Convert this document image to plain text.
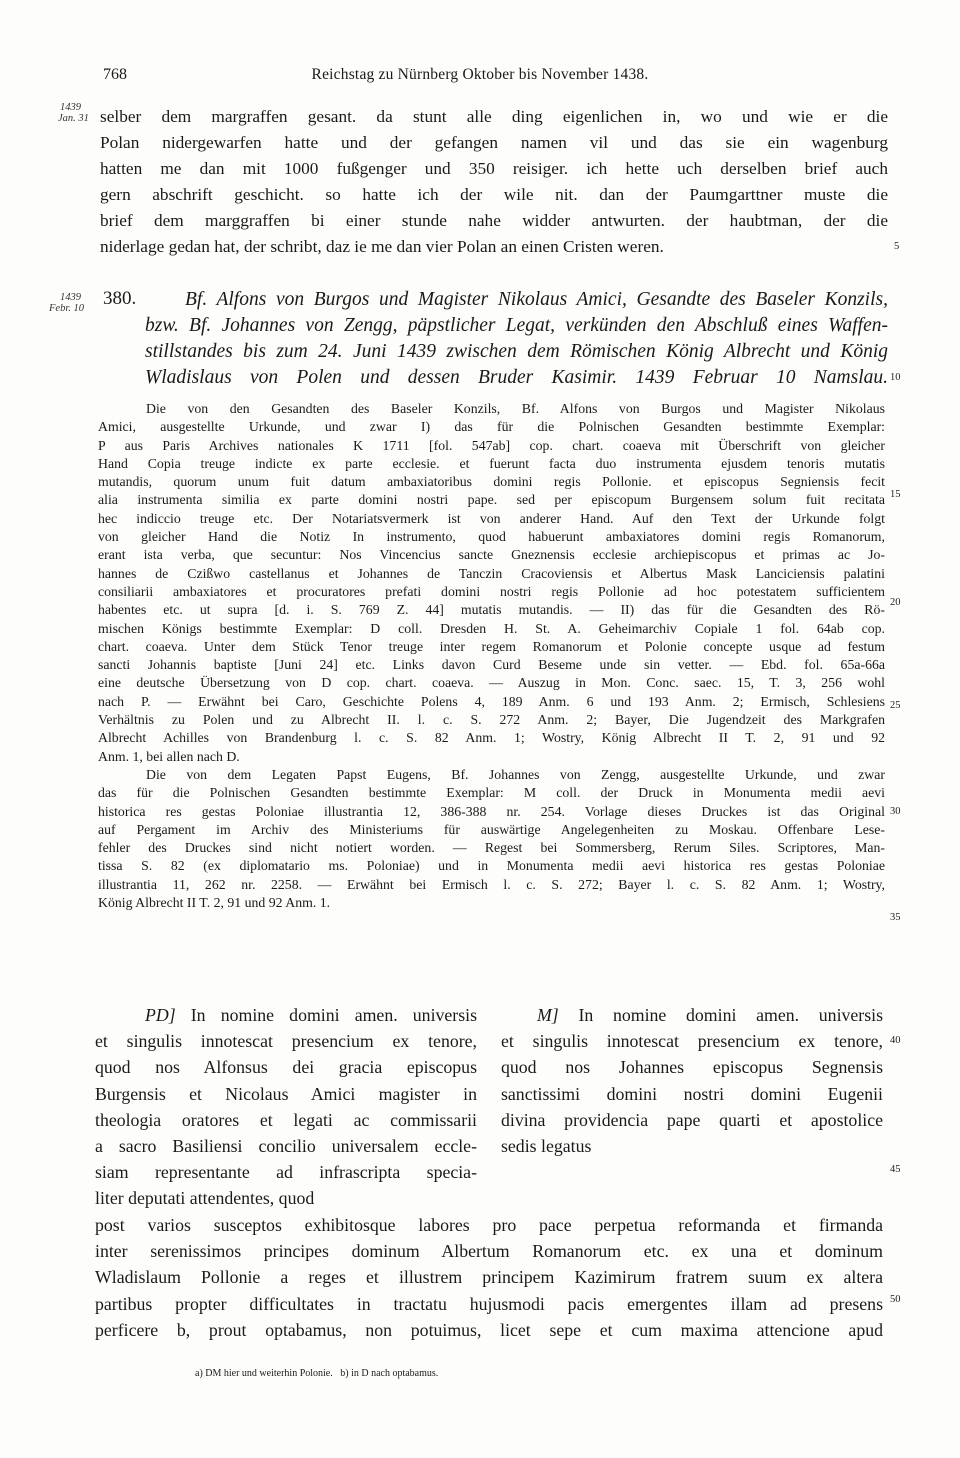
768	Reichstag zu Nürnberg Oktober bis November 1438.
1439
Jan. 31
1439
Febr. 10
5
10
15
20
25
30
35
40
45
50
selber dem margraffen gesant. da stunt alle ding eigenlichen in, wo und wie er die
Polan nidergewarfen hatte und der gefangen namen vil und das sie ein wagenburg
hatten me dan mit 1000 fußgenger und 350 reisiger. ich hette uch derselben brief auch
gern abschrift geschicht. so hatte ich der wile nit. dan der Paumgarttner muste die
brief dem marggraffen bi einer stunde nahe widder antwurten. der haubtman, der die
niderlage gedan hat, der schribt, daz ie me dan vier Polan an einen Cristen weren.
380.	Bf. Alfons von Burgos und Magister Nikolaus Amici, Gesandte des Baseler Konzils,
bzw. Bf. Johannes von Zengg, päpstlicher Legat, verkünden den Abschluß eines Waffen-
stillstandes bis zum 24. Juni 1439 zwischen dem Römischen König Albrecht und König
Wladislaus von Polen und dessen Bruder Kasimir. 1439 Februar 10 Namslau.
Die von den Gesandten des Baseler Konzils, Bf. Alfons von Burgos und Magister Nikolaus
Amici, ausgestellte Urkunde, und zwar I) das für die Polnischen Gesandten bestimmte Exemplar:
P aus Paris Archives nationales K 1711 [fol. 547ab] cop. chart. coaeva mit Überschrift von gleicher
Hand Copia treuge indicte ex parte ecclesie. et fuerunt facta duo instrumenta ejusdem tenoris mutatis
mutandis, quorum unum fuit datum ambaxiatoribus domini regis Pollonie. et episcopus Segniensis fecit
alia instrumenta similia ex parte domini nostri pape. sed per episcopum Burgensem solum fuit recitata
hec indiccio treuge etc. Der Notariatsvermerk ist von anderer Hand. Auf den Text der Urkunde folgt
von gleicher Hand die Notiz In instrumento, quod habuerunt ambaxiatores domini regis Romanorum,
erant ista verba, que secuntur: Nos Vincencius sancte Gneznensis ecclesie archiepiscopus et primas ac Jo-
hannes de Czißwo castellanus et Johannes de Tanczin Cracoviensis et Albertus Mask Lanciciensis palatini
consiliarii ambaxiatores et procuratores prefati domini nostri regis Pollonie ad hoc potestatem sufficientem
habentes etc. ut supra [d. i. S. 769 Z. 44] mutatis mutandis. — II) das für die Gesandten des Rö-
mischen Königs bestimmte Exemplar: D coll. Dresden H. St. A. Geheimarchiv Copiale 1 fol. 64ab cop.
chart. coaeva. Unter dem Stück Tenor treuge inter regem Romanorum et Polonie concepte usque ad festum
sancti Johannis baptiste [Juni 24] etc. Links davon Curd Beseme unde sin vetter. — Ebd. fol. 65a-66a
eine deutsche Übersetzung von D cop. chart. coaeva. — Auszug in Mon. Conc. saec. 15, T. 3, 256 wohl
nach P. — Erwähnt bei Caro, Geschichte Polens 4, 189 Anm. 6 und 193 Anm. 2; Ermisch, Schlesiens
Verhältnis zu Polen und zu Albrecht II. l. c. S. 272 Anm. 2; Bayer, Die Jugendzeit des Markgrafen
Albrecht Achilles von Brandenburg l. c. S. 82 Anm. 1; Wostry, König Albrecht II T. 2, 91 und 92
Anm. 1, bei allen nach D.
Die von dem Legaten Papst Eugens, Bf. Johannes von Zengg, ausgestellte Urkunde, und zwar
das für die Polnischen Gesandten bestimmte Exemplar: M coll. der Druck in Monumenta medii aevi
historica res gestas Poloniae illustrantia 12, 386-388 nr. 254. Vorlage dieses Druckes ist das Original
auf Pergament im Archiv des Ministeriums für auswärtige Angelegenheiten zu Moskau. Offenbare Lese-
fehler des Druckes sind nicht notiert worden. — Regest bei Sommersberg, Rerum Siles. Scriptores, Man-
tissa S. 82 (ex diplomatario ms. Poloniae) und in Monumenta medii aevi historica res gestas Poloniae
illustrantia 11, 262 nr. 2258. — Erwähnt bei Ermisch l. c. S. 272; Bayer l. c. S. 82 Anm. 1; Wostry,
König Albrecht II T. 2, 91 und 92 Anm. 1.
PD] In nomine domini amen. universis
et singulis innotescat presencium ex tenore,
quod nos Alfonsus dei gracia episcopus
Burgensis et Nicolaus Amici magister in
theologia oratores et legati ac commissarii
a sacro Basiliensi concilio universalem eccle-
siam representante ad infrascripta specia-
liter deputati attendentes, quod
M] In nomine domini amen. universis
et singulis innotescat presencium ex tenore,
quod nos Johannes episcopus Segnensis
sanctissimi domini nostri domini Eugenii
divina providencia pape quarti et apostolice
sedis legatus
post varios susceptos exhibitosque labores pro pace perpetua reformanda et firmanda
inter serenissimos principes dominum Albertum Romanorum etc. ex una et dominum
Wladislaum Pollonie a reges et illustrem principem Kazimirum fratrem suum ex altera
partibus propter difficultates in tractatu hujusmodi pacis emergentes illam ad presens
perficere b, prout optabamus, non potuimus, licet sepe et cum maxima attencione apud
a) DM hier und weiterhin Polonie.   b) in D nach optabamus.
